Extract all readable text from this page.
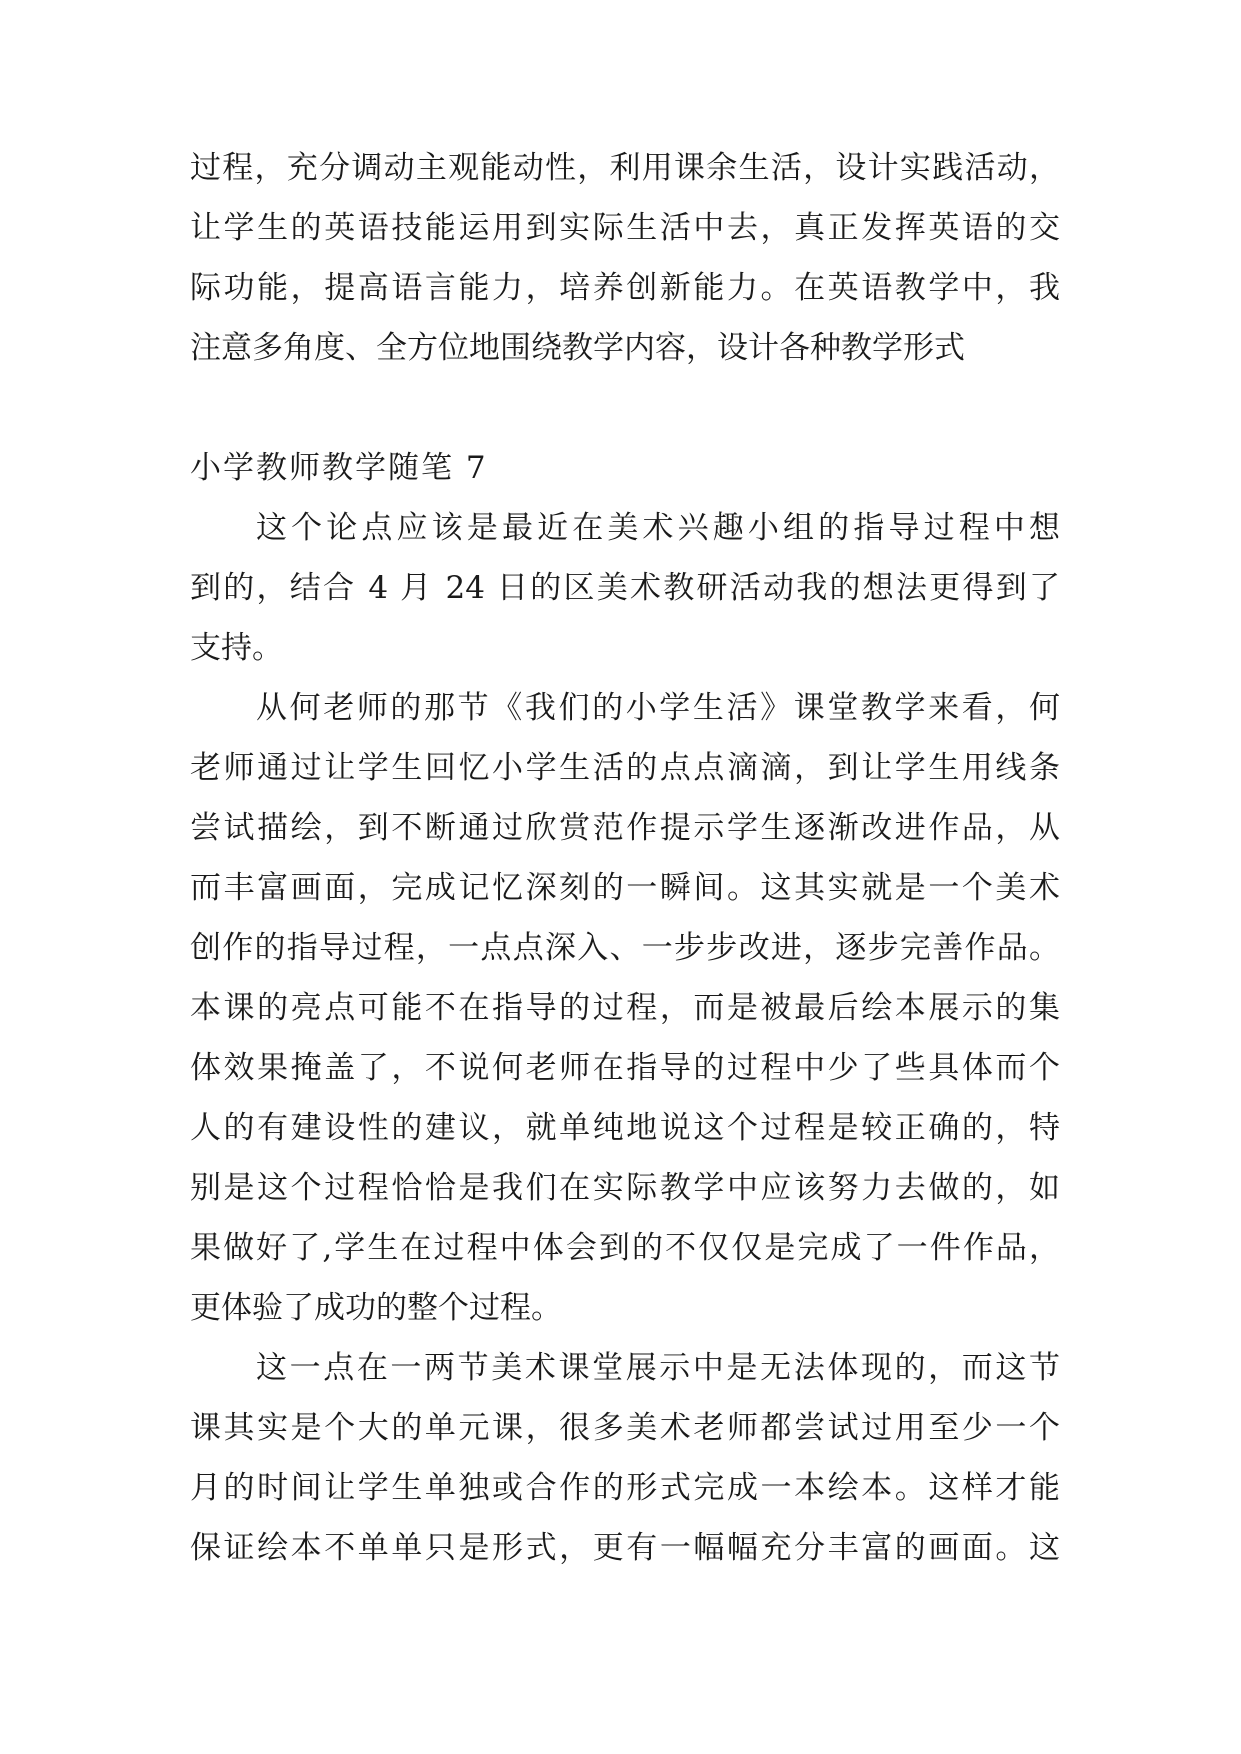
过程，充分调动主观能动性，利用课余生活，设计实践活动，
让学生的英语技能运用到实际生活中去，真正发挥英语的交
际功能，提高语言能力，培养创新能力。在英语教学中，我
注意多角度、全方位地围绕教学内容，设计各种教学形式
小学教师教学随笔 7
这个论点应该是最近在美术兴趣小组的指导过程中想
到的，结合 4 月 24 日的区美术教研活动我的想法更得到了
支持。
从何老师的那节《我们的小学生活》课堂教学来看，何
老师通过让学生回忆小学生活的点点滴滴，到让学生用线条
尝试描绘，到不断通过欣赏范作提示学生逐渐改进作品，从
而丰富画面，完成记忆深刻的一瞬间。这其实就是一个美术
创作的指导过程，一点点深入、一步步改进，逐步完善作品。
本课的亮点可能不在指导的过程，而是被最后绘本展示的集
体效果掩盖了，不说何老师在指导的过程中少了些具体而个
人的有建设性的建议，就单纯地说这个过程是较正确的，特
别是这个过程恰恰是我们在实际教学中应该努力去做的，如
果做好了,学生在过程中体会到的不仅仅是完成了一件作品，
更体验了成功的整个过程。
这一点在一两节美术课堂展示中是无法体现的，而这节
课其实是个大的单元课，很多美术老师都尝试过用至少一个
月的时间让学生单独或合作的形式完成一本绘本。这样才能
保证绘本不单单只是形式，更有一幅幅充分丰富的画面。这
